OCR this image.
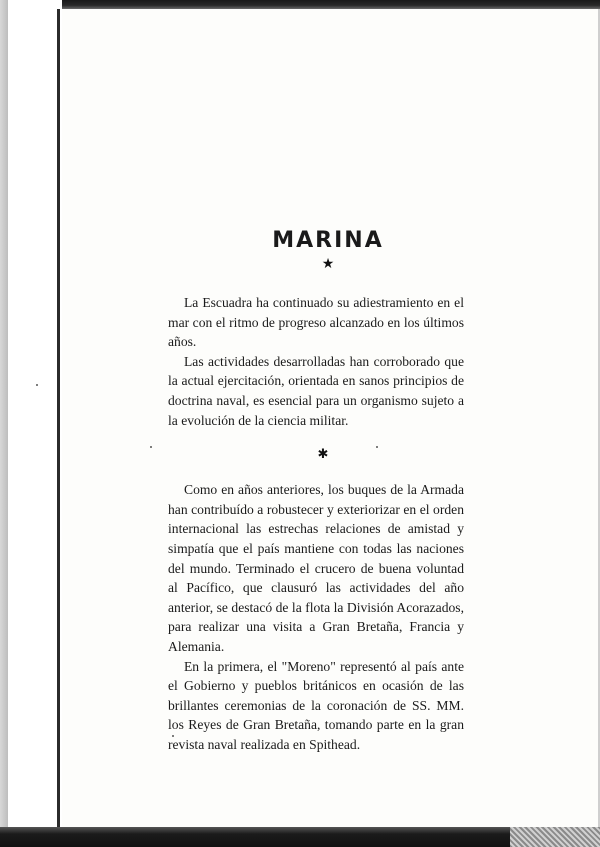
MARINA
★

La Escuadra ha continuado su adiestramiento en el mar con el ritmo de progreso alcanzado en los últimos años.

Las actividades desarrolladas han corroborado que la actual ejercitación, orientada en sanos principios de doctrina naval, es esencial para un organismo sujeto a la evolución de la ciencia militar.

✱

Como en años anteriores, los buques de la Armada han contribuído a robustecer y exteriorizar en el orden internacional las estrechas relaciones de amistad y simpatía que el país mantiene con todas las naciones del mundo. Terminado el crucero de buena voluntad al Pacífico, que clausuró las actividades del año anterior, se destacó de la flota la División Acorazados, para realizar una visita a Gran Bretaña, Francia y Alemania.

En la primera, el "Moreno" representó al país ante el Gobierno y pueblos británicos en ocasión de las brillantes ceremonias de la coronación de SS. MM. los Reyes de Gran Bretaña, tomando parte en la gran revista naval realizada en Spithead.
